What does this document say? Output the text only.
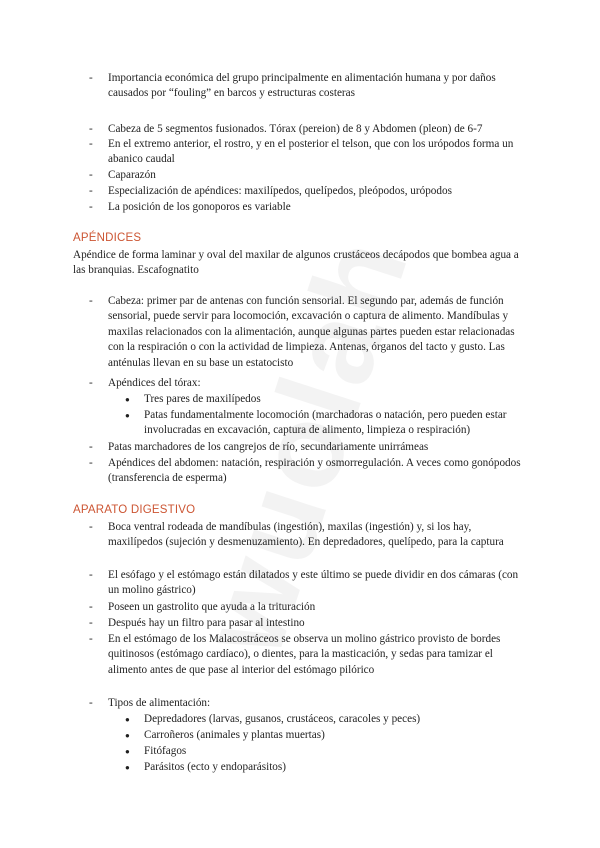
- Importancia económica del grupo principalmente en alimentación humana y por daños causados por “fouling” en barcos y estructuras costeras
- Cabeza de 5 segmentos fusionados. Tórax (pereion) de 8 y Abdomen (pleon) de 6-7
- En el extremo anterior, el rostro, y en el posterior el telson, que con los urópodos forma un abanico caudal
- Caparazón
- Especialización de apéndices: maxilípedos, quelípedos, pleópodos, urópodos
- La posición de los gonoporos es variable
APÉNDICES
Apéndice de forma laminar y oval del maxilar de algunos crustáceos decápodos que bombea agua a las branquias. Escafognatito
- Cabeza: primer par de antenas con función sensorial. El segundo par, además de función sensorial, puede servir para locomoción, excavación o captura de alimento. Mandíbulas y maxilas relacionados con la alimentación, aunque algunas partes pueden estar relacionadas con la respiración o con la actividad de limpieza. Antenas, órganos del tacto y gusto. Las anténulas llevan en su base un estatocisto
- Apéndices del tórax:
● Tres pares de maxilípedos
● Patas fundamentalmente locomoción (marchadoras o natación, pero pueden estar involucradas en excavación, captura de alimento, limpieza o respiración)
- Patas marchadores de los cangrejos de río, secundariamente unirrámeas
- Apéndices del abdomen: natación, respiración y osmorregulación. A veces como gonópodos (transferencia de esperma)
APARATO DIGESTIVO
- Boca ventral rodeada de mandíbulas (ingestión), maxilas (ingestión) y, si los hay, maxilípedos (sujeción y desmenuzamiento). En depredadores, quelípedo, para la captura
- El esófago y el estómago están dilatados y este último se puede dividir en dos cámaras (con un molino gástrico)
- Poseen un gastrolito que ayuda a la trituración
- Después hay un filtro para pasar al intestino
- En el estómago de los Malacostráceos se observa un molino gástrico provisto de bordes quitinosos (estómago cardíaco), o dientes, para la masticación, y sedas para tamizar el alimento antes de que pase al interior del estómago pilórico
- Tipos de alimentación:
● Depredadores (larvas, gusanos, crustáceos, caracoles y peces)
● Carroñeros (animales y plantas muertas)
● Fitófagos
● Parásitos (ecto y endoparásitos)
